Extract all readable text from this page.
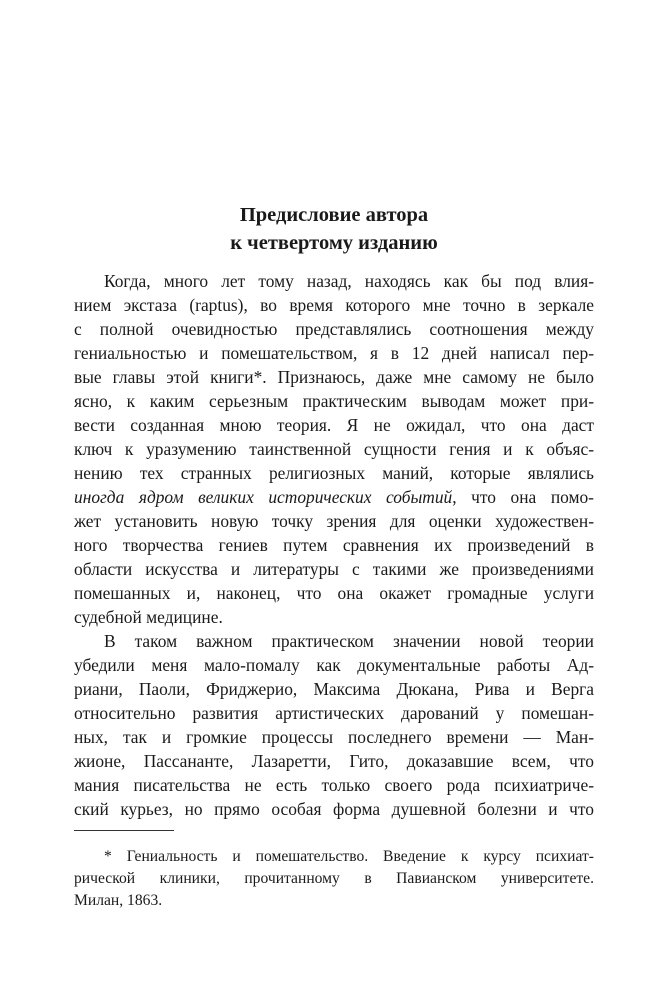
Предисловие автора
к четвертому изданию
Когда, много лет тому назад, находясь как бы под влия-
нием экстаза (raptus), во время которого мне точно в зеркале
с полной очевидностью представлялись соотношения между
гениальностью и помешательством, я в 12 дней написал пер-
вые главы этой книги*. Признаюсь, даже мне самому не было
ясно, к каким серьезным практическим выводам может при-
вести созданная мною теория. Я не ожидал, что она даст
ключ к уразумению таинственной сущности гения и к объяс-
нению тех странных религиозных маний, которые являлись
иногда ядром великих исторических событий, что она помо-
жет установить новую точку зрения для оценки художествен-
ного творчества гениев путем сравнения их произведений в
области искусства и литературы с такими же произведениями
помешанных и, наконец, что она окажет громадные услуги
судебной медицине.
В таком важном практическом значении новой теории
убедили меня мало-помалу как документальные работы Ад-
риани, Паоли, Фриджерио, Максима Дюкана, Рива и Верга
относительно развития артистических дарований у помешан-
ных, так и громкие процессы последнего времени — Ман-
жионе, Пассананте, Лазаретти, Гито, доказавшие всем, что
мания писательства не есть только своего рода психиатриче-
ский курьез, но прямо особая форма душевной болезни и что
* Гениальность и помешательство. Введение к курсу психиат-
рической клиники, прочитанному в Павианском университете.
Милан, 1863.
